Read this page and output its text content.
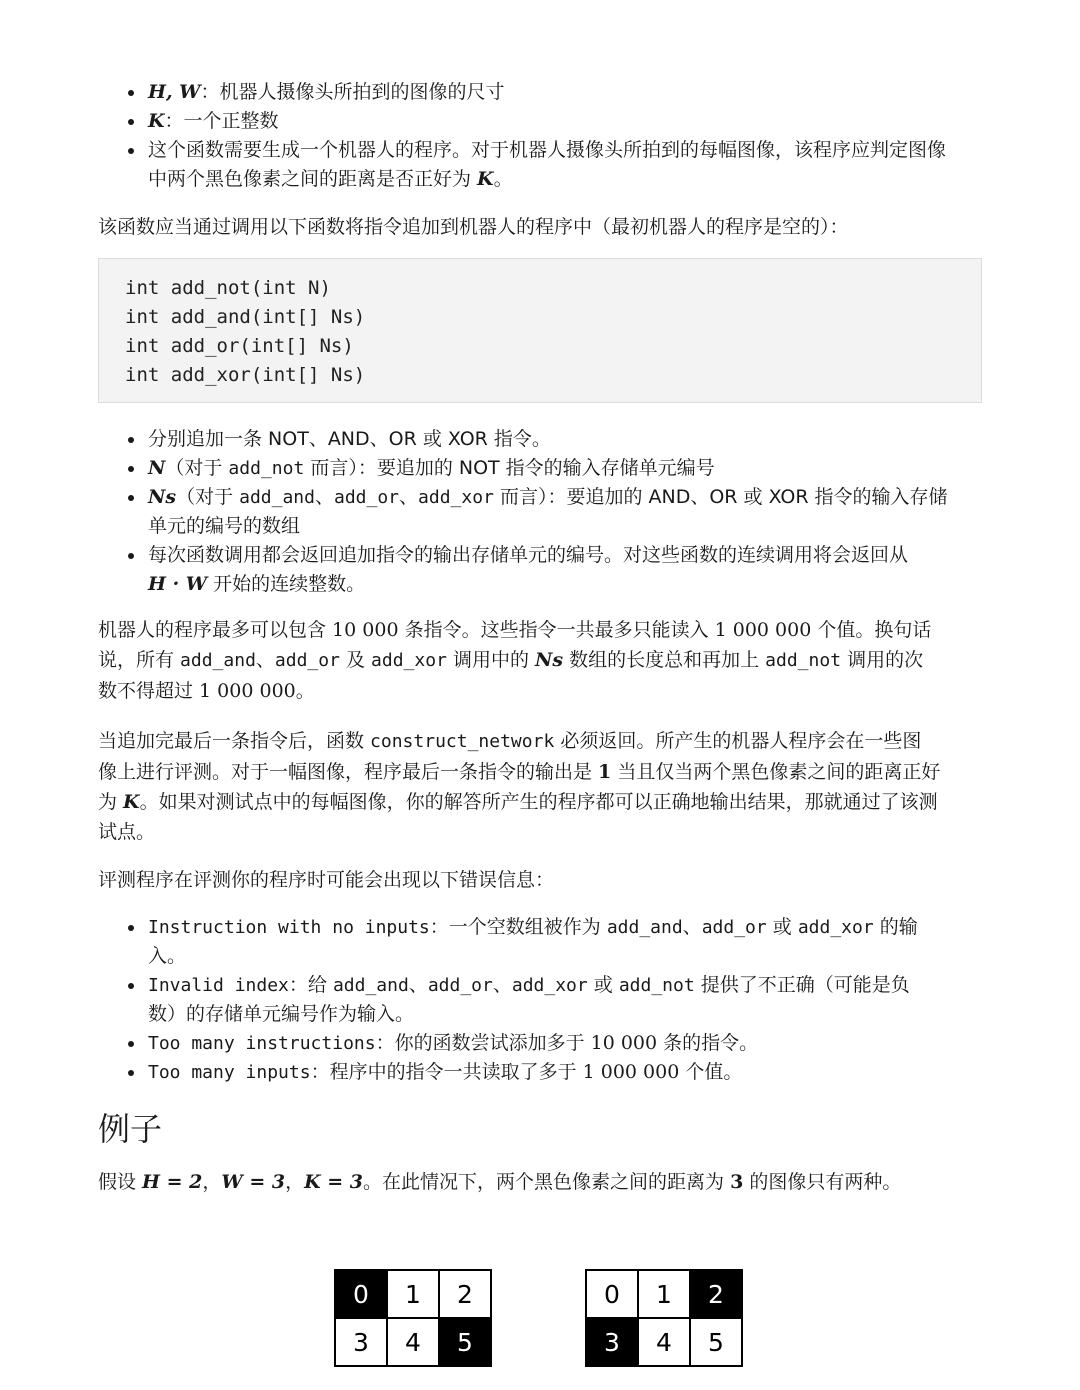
H, W：机器人摄像头所拍到的图像的尺寸

K：一个正整数

这个函数需要生成一个机器人的程序。对于机器人摄像头所拍到的每幅图像，该程序应判定图像
中两个黑色像素之间的距离是否正好为 K。

该函数应当通过调用以下函数将指令追加到机器人的程序中（最初机器人的程序是空的）：

int add_not(int N)
int add_and(int[] Ns)
int add_or(int[] Ns)
int add_xor(int[] Ns)

分别追加一条 NOT、AND、OR 或 XOR 指令。

N（对于 add_not 而言）：要追加的 NOT 指令的输入存储单元编号

Ns（对于 add_and、add_or、add_xor 而言）：要追加的 AND、OR 或 XOR 指令的输入存储
单元的编号的数组

每次函数调用都会返回追加指令的输出存储单元的编号。对这些函数的连续调用将会返回从
H · W 开始的连续整数。

机器人的程序最多可以包含 10 000 条指令。这些指令一共最多只能读入 1 000 000 个值。换句话
说，所有 add_and、add_or 及 add_xor 调用中的 Ns 数组的长度总和再加上 add_not 调用的次
数不得超过 1 000 000。

当追加完最后一条指令后，函数 construct_network 必须返回。所产生的机器人程序会在一些图
像上进行评测。对于一幅图像，程序最后一条指令的输出是 1 当且仅当两个黑色像素之间的距离正好
为 K。如果对测试点中的每幅图像，你的解答所产生的程序都可以正确地输出结果，那就通过了该测
试点。

评测程序在评测你的程序时可能会出现以下错误信息：

Instruction with no inputs：一个空数组被作为 add_and、add_or 或 add_xor 的输
入。

Invalid index：给 add_and、add_or、add_xor 或 add_not 提供了不正确（可能是负
数）的存储单元编号作为输入。

Too many instructions：你的函数尝试添加多于 10 000 条的指令。

Too many inputs：程序中的指令一共读取了多于 1 000 000 个值。

例子

假设 H = 2，W = 3，K = 3。在此情况下，两个黑色像素之间的距离为 3 的图像只有两种。

0	1	2
3	4	5
0	1	2
3	4	5
